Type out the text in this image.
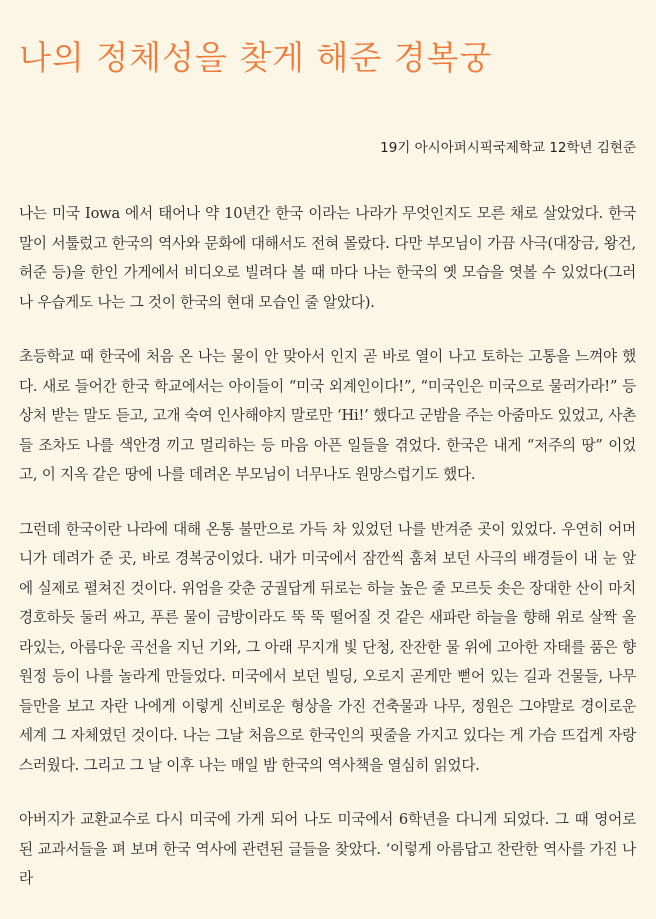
나의 정체성을 찾게 해준 경복궁
19기 아시아퍼시픽국제학교 12학년 김현준

나는 미국 Iowa 에서 태어나 약 10년간 한국 이라는 나라가 무엇인지도 모른 채로 살았었다. 한국말이 서툴렀고 한국의 역사와 문화에 대해서도 전혀 몰랐다. 다만 부모님이 가끔 사극(대장금, 왕건, 허준 등)을 한인 가게에서 비디오로 빌려다 볼 때 마다 나는 한국의 옛 모습을 엿볼 수 있었다(그러나 우습게도 나는 그 것이 한국의 현대 모습인 줄 알았다).

초등학교 때 한국에 처음 온 나는 물이 안 맞아서 인지 곧 바로 열이 나고 토하는 고통을 느껴야 했다. 새로 들어간 한국 학교에서는 아이들이 “미국 외계인이다!”, “미국인은 미국으로 물러가라!” 등 상처 받는 말도 듣고, 고개 숙여 인사해야지 말로만 ‘Hi!’ 했다고 군밤을 주는 아줌마도 있었고, 사촌들 조차도 나를 색안경 끼고 멀리하는 등 마음 아픈 일들을 겪었다. 한국은 내게 “저주의 땅” 이었고, 이 지옥 같은 땅에 나를 데려온 부모님이 너무나도 원망스럽기도 했다.

그런데 한국이란 나라에 대해 온통 불만으로 가득 차 있었던 나를 반겨준 곳이 있었다. 우연히 어머니가 데려가 준 곳, 바로 경복궁이었다. 내가 미국에서 잠깐씩 훔쳐 보던 사극의 배경들이 내 눈 앞에 실제로 펼쳐진 것이다. 위엄을 갖춘 궁궐답게 뒤로는 하늘 높은 줄 모르듯 솟은 장대한 산이 마치 경호하듯 둘러 싸고, 푸른 물이 금방이라도 뚝 뚝 떨어질 것 같은 새파란 하늘을 향해 위로 살짝 올라있는, 아름다운 곡선을 지닌 기와, 그 아래 무지개 빛 단청, 잔잔한 물 위에 고아한 자태를 품은 향원정 등이 나를 놀라게 만들었다. 미국에서 보던 빌딩, 오로지 곧게만 뻗어 있는 길과 건물들, 나무들만을 보고 자란 나에게 이렇게 신비로운 형상을 가진 건축물과 나무, 정원은 그야말로 경이로운 세계 그 자체였던 것이다. 나는 그날 처음으로 한국인의 핏줄을 가지고 있다는 게 가슴 뜨겁게 자랑스러웠다. 그리고 그 날 이후 나는 매일 밤 한국의 역사책을 열심히 읽었다.

아버지가 교환교수로 다시 미국에 가게 되어 나도 미국에서 6학년을 다니게 되었다. 그 때 영어로 된 교과서들을 펴 보며 한국 역사에 관련된 글들을 찾았다. ‘이렇게 아름답고 찬란한 역사를 가진 나라
